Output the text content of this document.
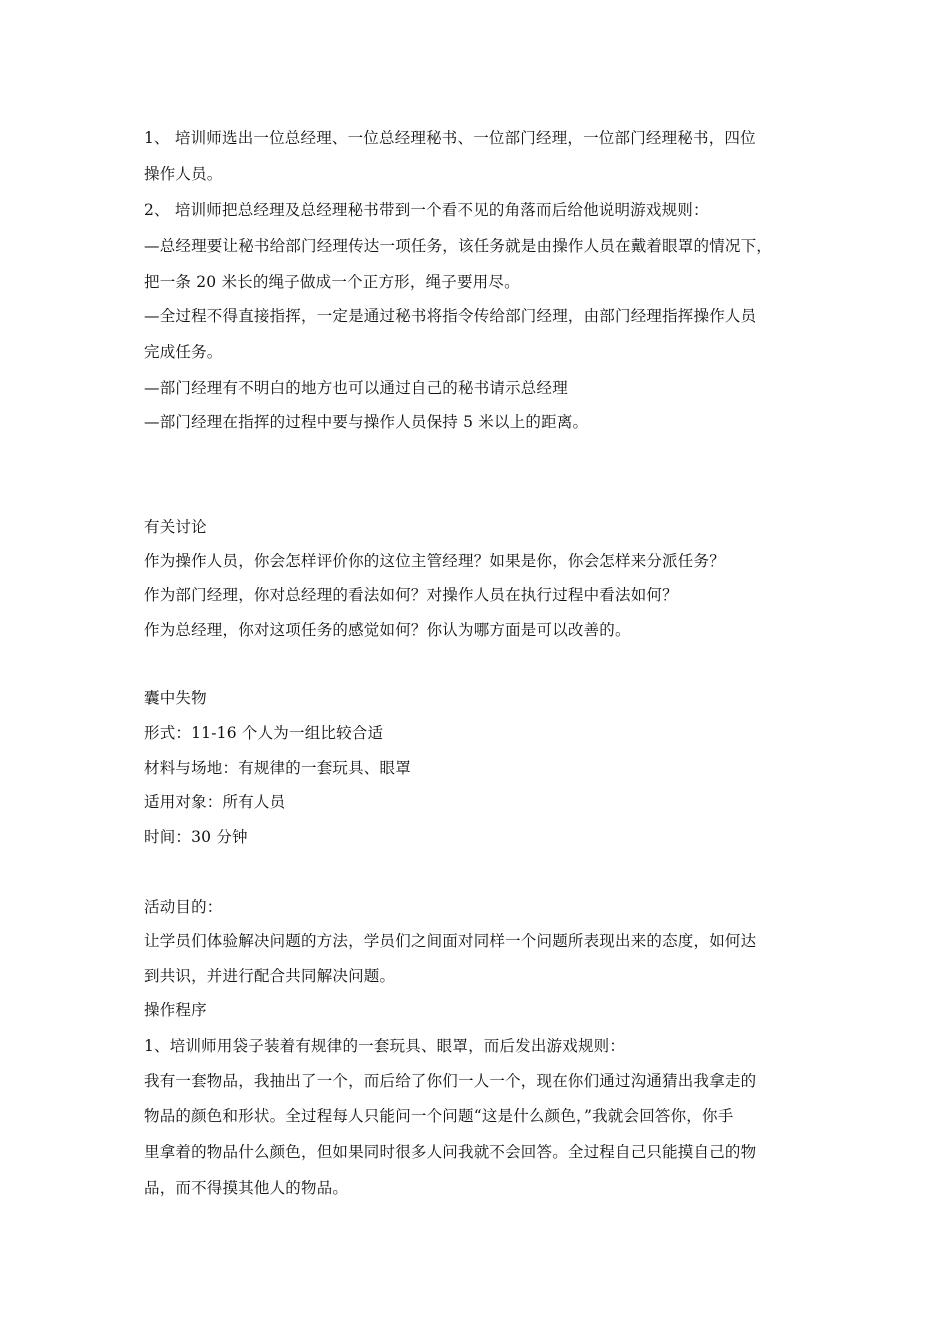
1、 培训师选出一位总经理、一位总经理秘书、一位部门经理，一位部门经理秘书，四位
操作人员。
2、 培训师把总经理及总经理秘书带到一个看不见的角落而后给他说明游戏规则：
—总经理要让秘书给部门经理传达一项任务，该任务就是由操作人员在戴着眼罩的情况下，
把一条 20 米长的绳子做成一个正方形，绳子要用尽。
—全过程不得直接指挥，一定是通过秘书将指令传给部门经理，由部门经理指挥操作人员
完成任务。
—部门经理有不明白的地方也可以通过自己的秘书请示总经理
—部门经理在指挥的过程中要与操作人员保持 5 米以上的距离。
有关讨论
作为操作人员，你会怎样评价你的这位主管经理？如果是你，你会怎样来分派任务？
作为部门经理，你对总经理的看法如何？对操作人员在执行过程中看法如何？
作为总经理，你对这项任务的感觉如何？你认为哪方面是可以改善的。
囊中失物
形式：11-16 个人为一组比较合适
材料与场地：有规律的一套玩具、眼罩
适用对象：所有人员
时间：30 分钟
活动目的：
让学员们体验解决问题的方法，学员们之间面对同样一个问题所表现出来的态度，如何达
到共识，并进行配合共同解决问题。
操作程序
1、培训师用袋子装着有规律的一套玩具、眼罩，而后发出游戏规则：
我有一套物品，我抽出了一个，而后给了你们一人一个，现在你们通过沟通猜出我拿走的
物品的颜色和形状。全过程每人只能问一个问题“这是什么颜色，”我就会回答你，你手
里拿着的物品什么颜色，但如果同时很多人问我就不会回答。全过程自己只能摸自己的物
品，而不得摸其他人的物品。
